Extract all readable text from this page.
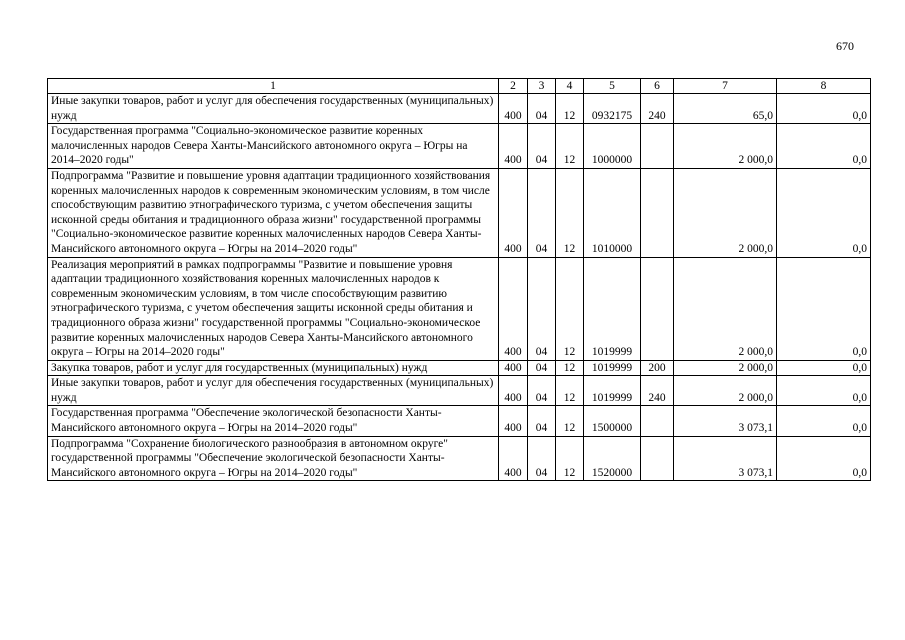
670
1	2	3	4	5	6	7	8
Иные закупки товаров, работ и услуг для обеспечения государственных (муниципальных) нужд	400	04	12	0932175	240	65,0	0,0
Государственная программа "Социально-экономическое развитие коренных малочисленных народов Севера Ханты-Мансийского автономного округа – Югры на 2014–2020 годы"	400	04	12	1000000		2 000,0	0,0
Подпрограмма "Развитие и повышение уровня адаптации традиционного хозяйствования коренных малочисленных народов к современным экономическим условиям, в том числе способствующим развитию этнографического туризма, с учетом обеспечения защиты исконной среды обитания и традиционного образа жизни" государственной программы "Социально-экономическое развитие коренных малочисленных народов Севера Ханты-Мансийского автономного округа – Югры на 2014–2020 годы"	400	04	12	1010000		2 000,0	0,0
Реализация мероприятий в рамках подпрограммы "Развитие и повышение уровня адаптации традиционного хозяйствования коренных малочисленных народов к современным экономическим условиям, в том числе способствующим развитию этнографического туризма, с учетом обеспечения защиты исконной среды обитания и традиционного образа жизни" государственной программы "Социально-экономическое развитие коренных малочисленных народов Севера Ханты-Мансийского автономного округа – Югры на 2014–2020 годы"	400	04	12	1019999		2 000,0	0,0
Закупка товаров, работ и услуг для государственных (муниципальных) нужд	400	04	12	1019999	200	2 000,0	0,0
Иные закупки товаров, работ и услуг для обеспечения государственных (муниципальных) нужд	400	04	12	1019999	240	2 000,0	0,0
Государственная программа "Обеспечение экологической безопасности Ханты-Мансийского автономного округа – Югры на 2014–2020 годы"	400	04	12	1500000		3 073,1	0,0
Подпрограмма "Сохранение биологического разнообразия в автономном округе" государственной программы "Обеспечение экологической безопасности Ханты-Мансийского автономного округа – Югры на 2014–2020 годы"	400	04	12	1520000		3 073,1	0,0
